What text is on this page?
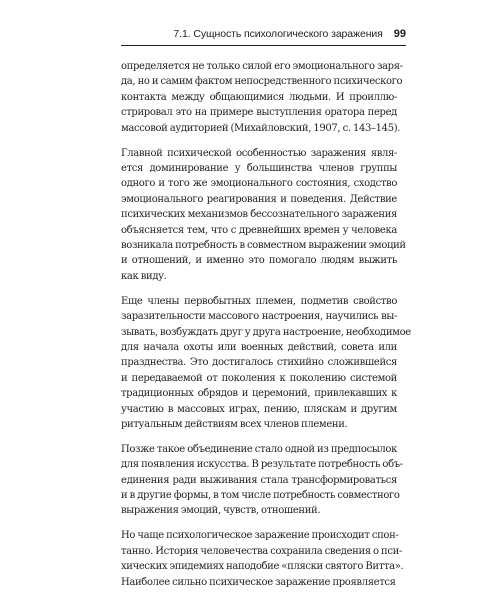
7.1. Сущность психологического заражения	99

определяется не только силой его эмоционального заря-
да, но и самим фактом непосредственного психического
контакта между общающимися людьми. И проиллю-
стрировал это на примере выступления оратора перед
массовой аудиторией (Михайловский, 1907, с. 143–145).

Главной психической особенностью заражения явля-
ется доминирование у большинства членов группы
одного и того же эмоционального состояния, сходство
эмоционального реагирования и поведения. Действие
психических механизмов бессознательного заражения
объясняется тем, что с древнейших времен у человека
возникала потребность в совместном выражении эмоций
и отношений, и именно это помогало людям выжить
как виду.

Еще члены первобытных племен, подметив свойство
заразительности массового настроения, научились вы-
зывать, возбуждать друг у друга настроение, необходимое
для начала охоты или военных действий, совета или
празднества. Это достигалось стихийно сложившейся
и передаваемой от поколения к поколению системой
традиционных обрядов и церемоний, привлекавших к
участию в массовых играх, пению, пляскам и другим
ритуальным действиям всех членов племени.

Позже такое объединение стало одной из предпосылок
для появления искусства. В результате потребность объ-
единения ради выживания стала трансформироваться
и в другие формы, в том числе потребность совместного
выражения эмоций, чувств, отношений.

Но чаще психологическое заражение происходит спон-
танно. История человечества сохранила сведения о пси-
хических эпидемиях наподобие «пляски святого Витта».
Наиболее сильно психическое заражение проявляется
